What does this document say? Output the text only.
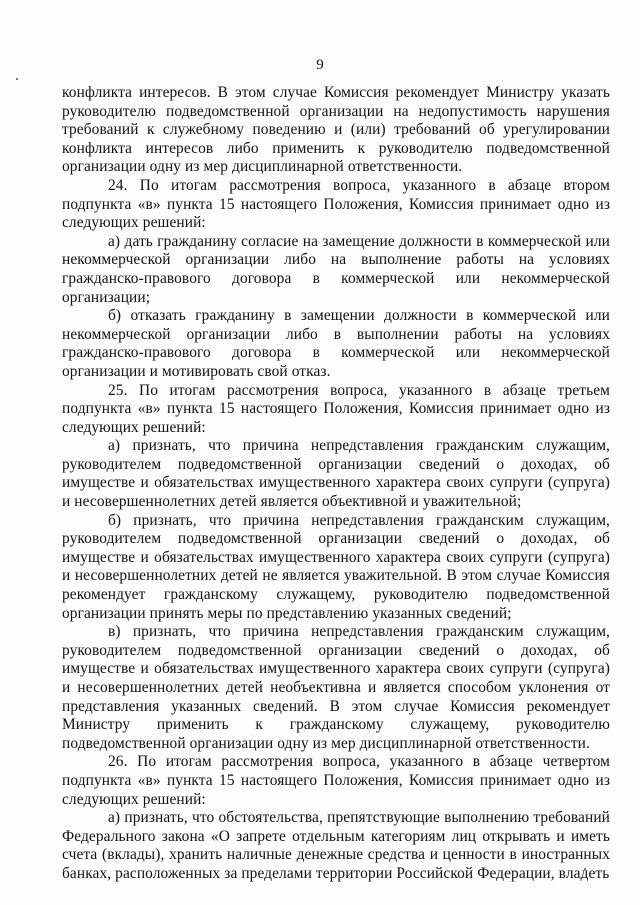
9

конфликта интересов. В этом случае Комиссия рекомендует Министру указать руководителю подведомственной организации на недопустимость нарушения требований к служебному поведению и (или) требований об урегулировании конфликта интересов либо применить к руководителю подведомственной организации одну из мер дисциплинарной ответственности.

24. По итогам рассмотрения вопроса, указанного в абзаце втором подпункта «в» пункта 15 настоящего Положения, Комиссия принимает одно из следующих решений:

а) дать гражданину согласие на замещение должности в коммерческой или некоммерческой организации либо на выполнение работы на условиях гражданско-правового договора в коммерческой или некоммерческой организации;

б) отказать гражданину в замещении должности в коммерческой или некоммерческой организации либо в выполнении работы на условиях гражданско-правового договора в коммерческой или некоммерческой организации и мотивировать свой отказ.

25. По итогам рассмотрения вопроса, указанного в абзаце третьем подпункта «в» пункта 15 настоящего Положения, Комиссия принимает одно из следующих решений:

а) признать, что причина непредставления гражданским служащим, руководителем подведомственной организации сведений о доходах, об имуществе и обязательствах имущественного характера своих супруги (супруга) и несовершеннолетних детей является объективной и уважительной;

б) признать, что причина непредставления гражданским служащим, руководителем подведомственной организации сведений о доходах, об имуществе и обязательствах имущественного характера своих супруги (супруга) и несовершеннолетних детей не является уважительной. В этом случае Комиссия рекомендует гражданскому служащему, руководителю подведомственной организации принять меры по представлению указанных сведений;

в) признать, что причина непредставления гражданским служащим, руководителем подведомственной организации сведений о доходах, об имуществе и обязательствах имущественного характера своих супруги (супруга) и несовершеннолетних детей необъективна и является способом уклонения от представления указанных сведений. В этом случае Комиссия рекомендует Министру применить к гражданскому служащему, руководителю подведомственной организации одну из мер дисциплинарной ответственности.

26. По итогам рассмотрения вопроса, указанного в абзаце четвертом подпункта «в» пункта 15 настоящего Положения, Комиссия принимает одно из следующих решений:

а) признать, что обстоятельства, препятствующие выполнению требований Федерального закона «О запрете отдельным категориям лиц открывать и иметь счета (вклады), хранить наличные денежные средства и ценности в иностранных банках, расположенных за пределами территории Российской Федерации, владеть
